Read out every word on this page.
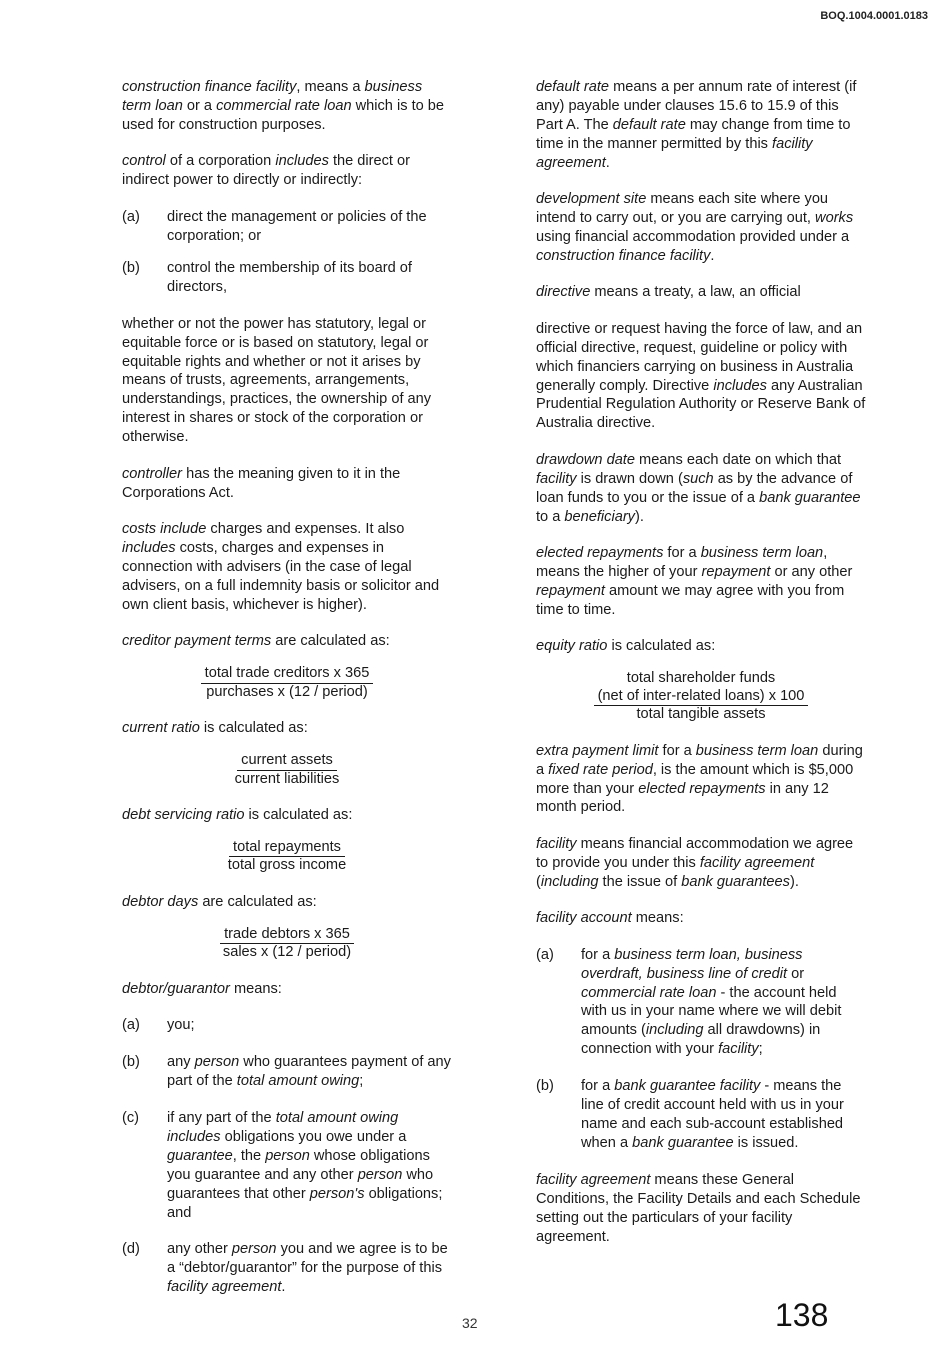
BOQ.1004.0001.0183

construction finance facility, means a business term loan or a commercial rate loan which is to be used for construction purposes.

control of a corporation includes the direct or indirect power to directly or indirectly:

(a)	direct the management or policies of the corporation; or
(b)	control the membership of its board of directors,

whether or not the power has statutory, legal or equitable force or is based on statutory, legal or equitable rights and whether or not it arises by means of trusts, agreements, arrangements, understandings, practices, the ownership of any interest in shares or stock of the corporation or otherwise.

controller has the meaning given to it in the Corporations Act.

costs include charges and expenses. It also includes costs, charges and expenses in connection with advisers (in the case of legal advisers, on a full indemnity basis or solicitor and own client basis, whichever is higher).

creditor payment terms are calculated as:

total trade creditors x 365
purchases x (12 / period)

current ratio is calculated as:

current assets
current liabilities

debt servicing ratio is calculated as:

total repayments
total gross income

debtor days are calculated as:

trade debtors x 365
sales x (12 / period)

debtor/guarantor means:

(a)	you;
(b)	any person who guarantees payment of any part of the total amount owing;
(c)	if any part of the total amount owing includes obligations you owe under a guarantee, the person whose obligations you guarantee and any other person who guarantees that other person's obligations; and
(d)	any other person you and we agree is to be a “debtor/guarantor” for the purpose of this facility agreement.

default rate means a per annum rate of interest (if any) payable under clauses 15.6 to 15.9 of this Part A. The default rate may change from time to time in the manner permitted by this facility agreement.

development site means each site where you intend to carry out, or you are carrying out, works using financial accommodation provided under a construction finance facility.

directive means a treaty, a law, an official

directive or request having the force of law, and an official directive, request, guideline or policy with which financiers carrying on business in Australia generally comply. Directive includes any Australian Prudential Regulation Authority or Reserve Bank of Australia directive.

drawdown date means each date on which that facility is drawn down (such as by the advance of loan funds to you or the issue of a bank guarantee to a beneficiary).

elected repayments for a business term loan, means the higher of your repayment or any other repayment amount we may agree with you from time to time.

equity ratio is calculated as:

total shareholder funds
(net of inter-related loans) x 100
total tangible assets

extra payment limit for a business term loan during a fixed rate period, is the amount which is $5,000 more than your elected repayments in any 12 month period.

facility means financial accommodation we agree to provide you under this facility agreement (including the issue of bank guarantees).

facility account means:

(a)	for a business term loan, business overdraft, business line of credit or commercial rate loan - the account held with us in your name where we will debit amounts (including all drawdowns) in connection with your facility;
(b)	for a bank guarantee facility - means the line of credit account held with us in your name and each sub-account established when a bank guarantee is issued.

facility agreement means these General Conditions, the Facility Details and each Schedule setting out the particulars of your facility agreement.

32	138
